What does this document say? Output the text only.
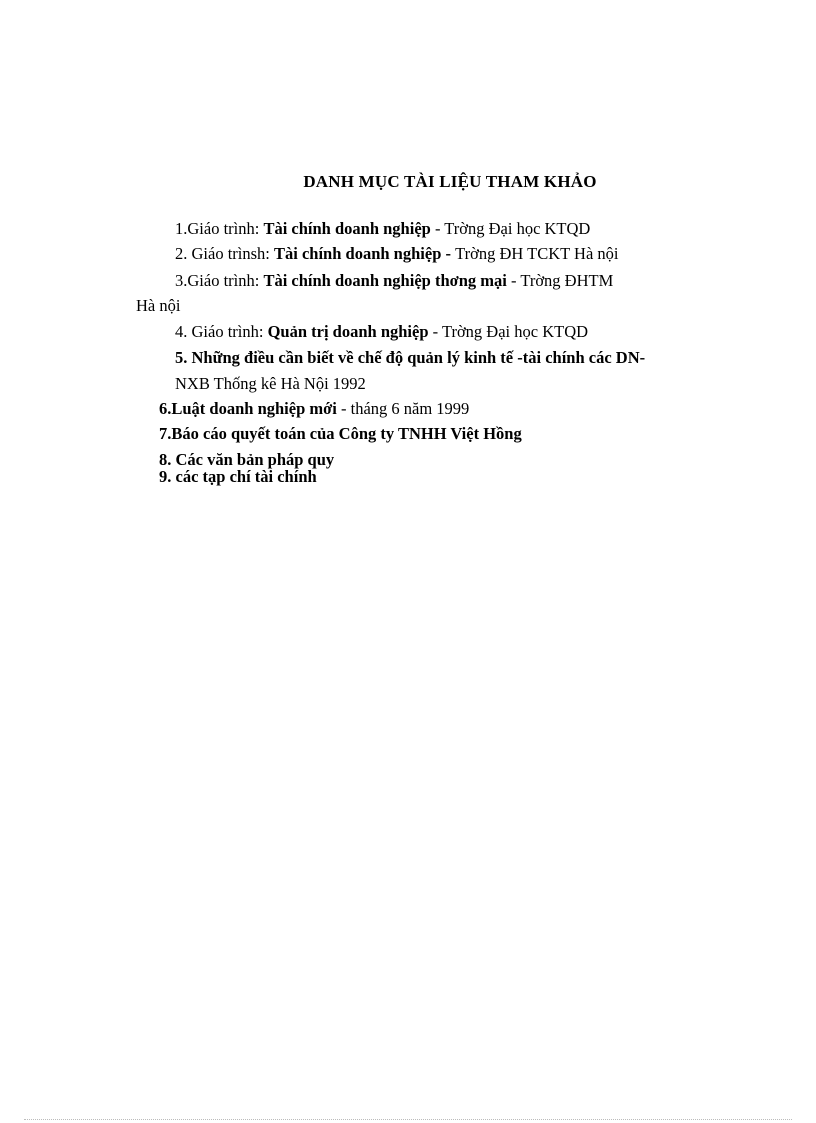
DANH MỤC TÀI LIỆU THAM KHẢO
1.Giáo trình: Tài chính doanh nghiệp - Trờng Đại học KTQD
2. Giáo trìnsh: Tài chính doanh nghiệp - Trờng ĐH TCKT Hà nội
3.Giáo trình: Tài chính doanh nghiệp thơng mại - Trờng ĐHTM
Hà nội
4. Giáo trình: Quản trị doanh nghiệp - Trờng Đại học KTQD
5. Những điều cần biết về chế độ quản lý kinh tế -tài chính các DN-
NXB Thống kê Hà Nội 1992
6.Luật doanh nghiệp mới - tháng 6 năm 1999
7.Báo cáo quyết toán của Công ty TNHH Việt Hồng
8. Các văn bản pháp quy
9. các tạp chí tài chính
